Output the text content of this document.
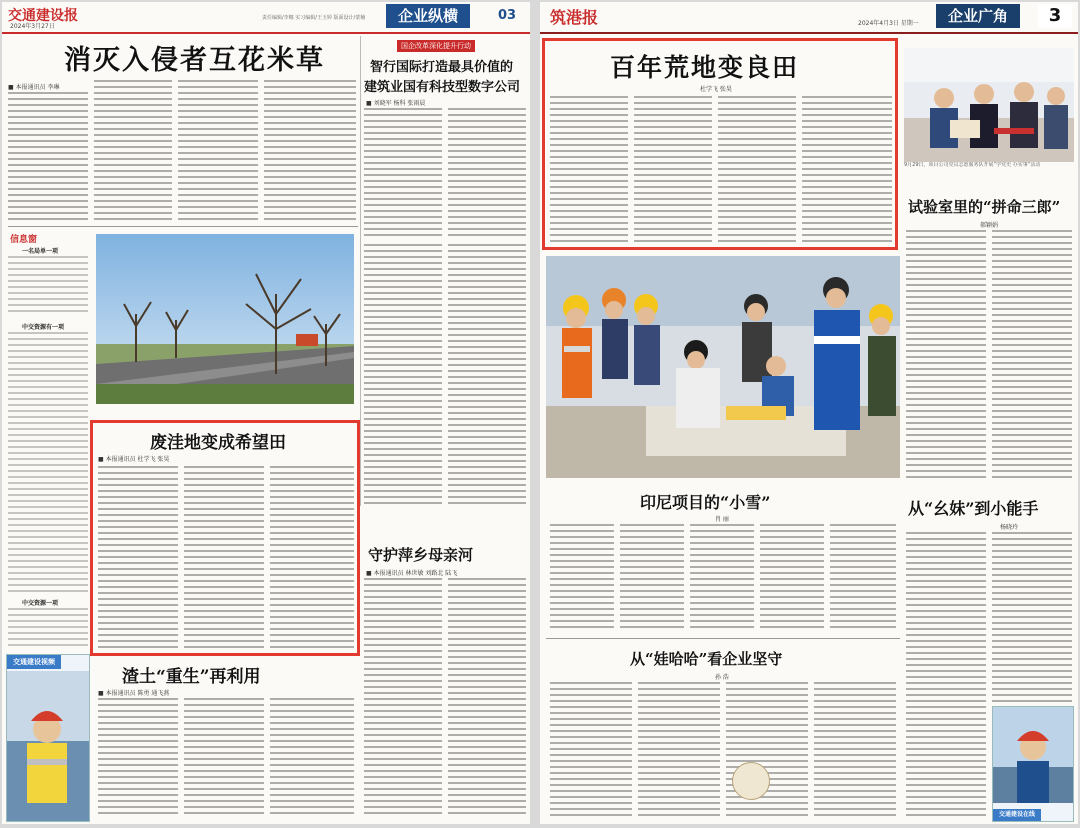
交通建设报
2024年3月27日
责任编辑/李娜 实习编辑/王玉婷 版面设计/蒙楠	企业纵横	03
消灭入侵者互花米草
■ 本报通讯员 李琳
国企改革深化提升行动
智行国际打造最具价值的
建筑业国有科技型数字公司
■ 刘晓军 杨科 张雨晨
信息窗
一名局单一项
中交资源有一项
中交资源一项
废洼地变成希望田
■ 本报通讯员 杜学飞 张昊
守护萍乡母亲河
■ 本报通讯员 林世敏 刘路北 陆飞
渣土“重生”再利用
■ 本报通讯员 陈勇 通飞燕
交通建设视频
筑港报	2024年4月3日 星期一	企业广角	3
百年荒地变良田
杜学飞 张昊
9月29日，项目公司党员志愿服务队开展“学党史 办实事”活动
试验室里的“拼命三郎”
郝颖娟
印尼项目的“小雪”
肖 丽
从“幺妹”到小能手
杨晓玲
从“娃哈哈”看企业坚守
孙 浩
交通建设在线
